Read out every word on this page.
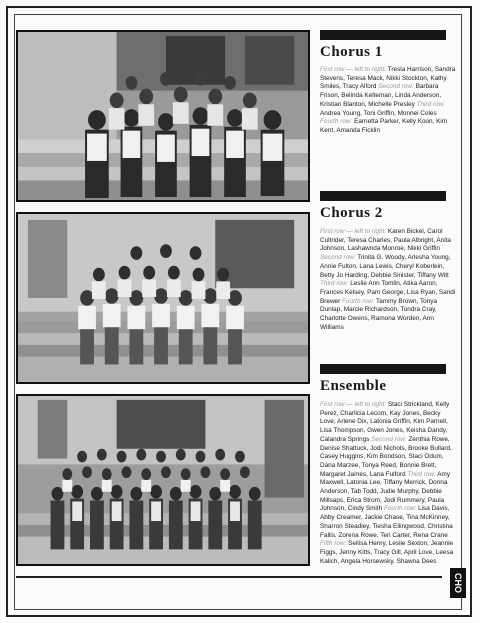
Chorus 1

First row — left to right: Tresla Harrison, Sandra Stevens, Teresa Mack, Nikki Stockton, Kathy Smiles, Tracy Alford Second row: Barbara Frison, Belinda Kelteman, Linda Anderson, Kristian Blanton, Michelle Presley Third row: Andrea Young, Toni Griffin, Monnei Coles Fourth row: Earnetta Parker, Kelly Koon, Kim Kent, Amanda Ficklin

Chorus 2

First row — left to right: Karen Bickel, Carol Cultrider, Teresa Charles, Paula Albright, Anita Johnson, Lashawnda Monroe, Nikki Griffin Second row: Trinita G. Woody, Arlesha Young, Annie Fulton, Lana Lewis, Cheryl Koberlein, Betty Jo Harding, Debbie Sinister, Tiffany Witt Third row: Leslie Ann Tomlin, Atika Aaron, Frances Kelsey, Pam George, Lisa Ryan, Sandi Brewer Fourth row: Tammy Brown, Tonya Dunlap, Marcie Richardson, Tondra Cray, Charlotte Owens, Ramona Worden, Ann Williams

Ensemble

First row — left to right: Staci Strickland, Kelly Perez, Charlicia Lecom, Kay Jones, Becky Love, Arlene Dix, Latonia Griffin, Kim Parnell, Lisa Thompson, Gwen Jones, Keisha Dandy, Calandra Springs Second row: Zenthia Rowe, Denise Shattuck, Jodi Nichols, Brooke Bullard, Casey Huggins, Kim Bondson, Staci Odum, Dana Marzee, Tonya Reed, Bonnie Brett, Margaret James, Lana Fulford Third row: Amy Maxwell, Latonia Lee, Tiffany Merrick, Donna Anderson, Tab Todd, Judie Murphy, Debbie Millsaps, Erica Strom, Jodi Rummery, Paula Johnson, Cindy Smith Fourth row: Lisa Davis, Abby Creamer, Jackie Chase, Tina McKinney, Sharron Steadley, Tiesha Ellingwood, Christina Fallis, Zorena Rowe, Teri Carter, Rena Crane Fifth row: Seilisa Henry, Leslie Sexton, Jeannie Figgs, Jenny Kitts, Tracy Gill, April Love, Leesa Kalich, Angela Horsewsky, Shawna Dees

CHO
